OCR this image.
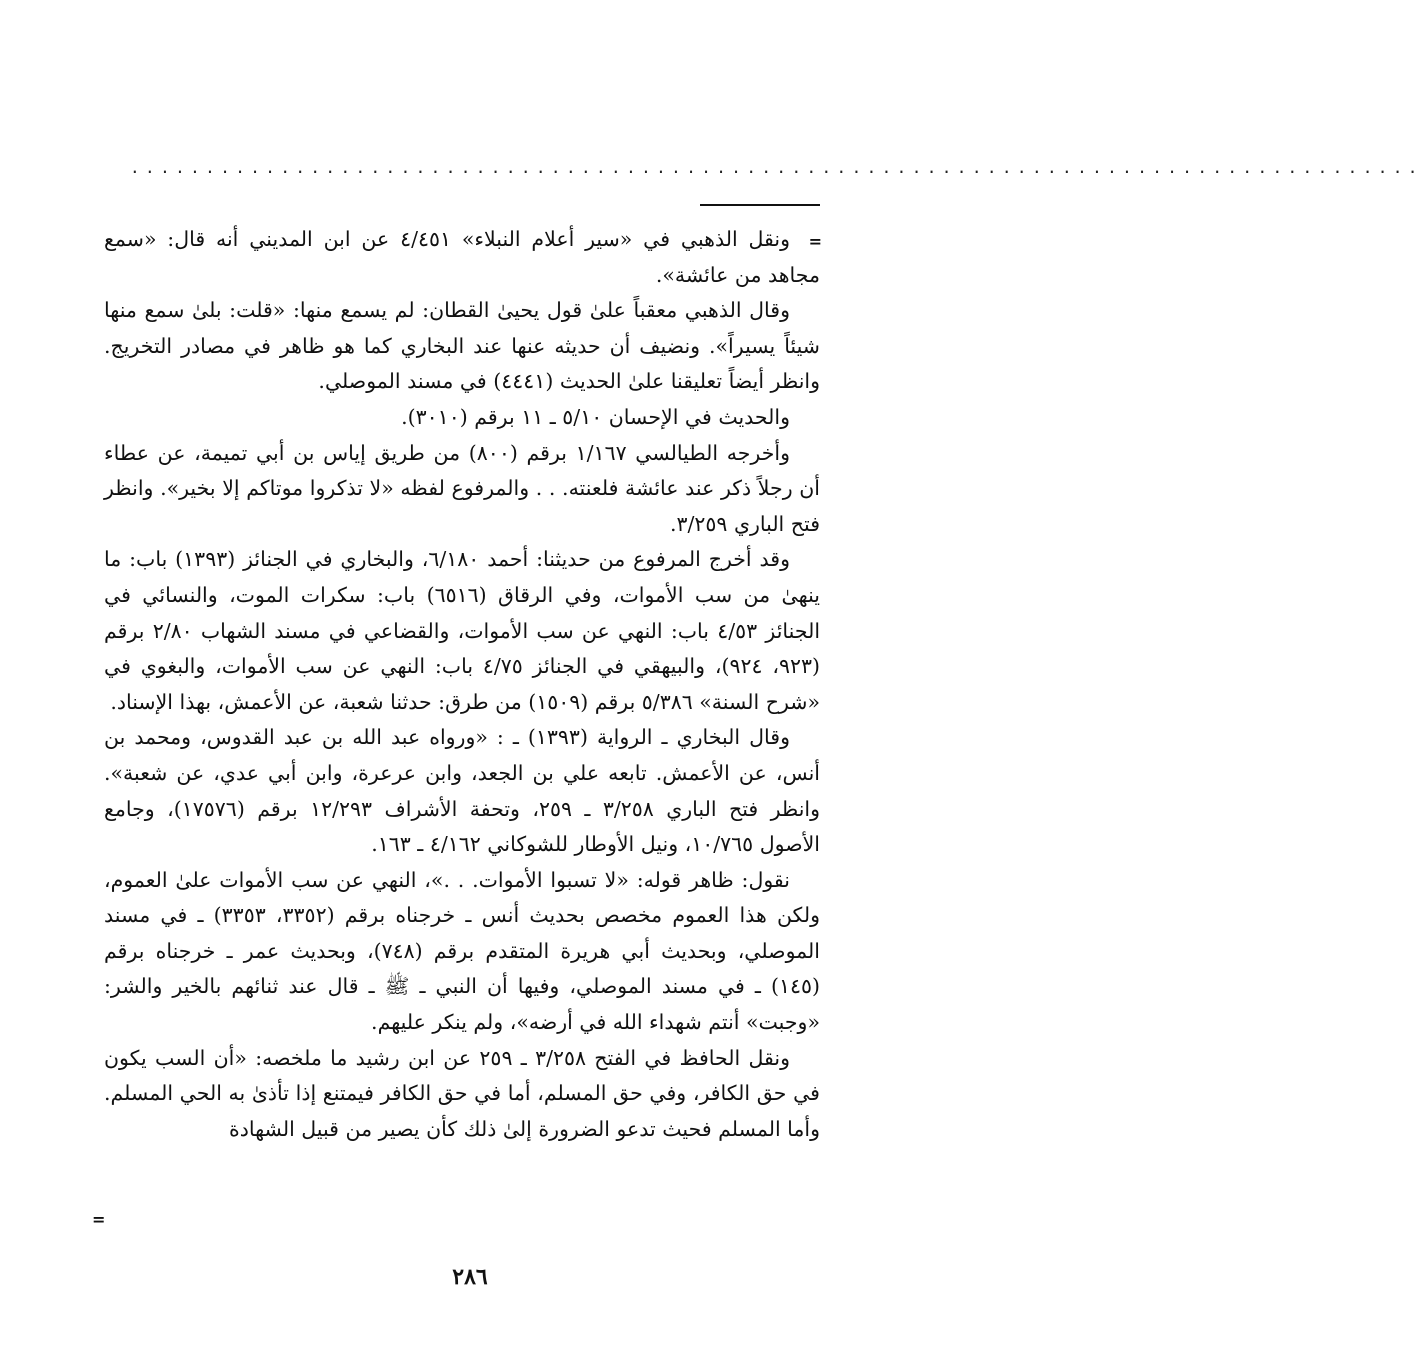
......................................................................................
=

ونقل الذهبي في «سير أعلام النبلاء» ٤/٤٥١ عن ابن المديني أنه قال: «سمع مجاهد من عائشة».

وقال الذهبي معقباً علىٰ قول يحيىٰ القطان: لم يسمع منها: «قلت: بلىٰ سمع منها شيئاً يسيراً». ونضيف أن حديثه عنها عند البخاري كما هو ظاهر في مصادر التخريج. وانظر أيضاً تعليقنا علىٰ الحديث (٤٤٤١) في مسند الموصلي.

والحديث في الإحسان ٥/١٠ ـ ١١ برقم (٣٠١٠).

وأخرجه الطيالسي ١/١٦٧ برقم (٨٠٠) من طريق إياس بن أبي تميمة، عن عطاء أن رجلاً ذكر عند عائشة فلعنته. . . والمرفوع لفظه «لا تذكروا موتاكم إلا بخير». وانظر فتح الباري ٣/٢٥٩.

وقد أخرج المرفوع من حديثنا: أحمد ٦/١٨٠، والبخاري في الجنائز (١٣٩٣) باب: ما ينهىٰ من سب الأموات، وفي الرقاق (٦٥١٦) باب: سكرات الموت، والنسائي في الجنائز ٤/٥٣ باب: النهي عن سب الأموات، والقضاعي في مسند الشهاب ٢/٨٠ برقم (٩٢٣، ٩٢٤)، والبيهقي في الجنائز ٤/٧٥ باب: النهي عن سب الأموات، والبغوي في «شرح السنة» ٥/٣٨٦ برقم (١٥٠٩) من طرق: حدثنا شعبة، عن الأعمش، بهذا الإسناد.

وقال البخاري ـ الرواية (١٣٩٣) ـ : «ورواه عبد الله بن عبد القدوس، ومحمد بن أنس، عن الأعمش. تابعه علي بن الجعد، وابن عرعرة، وابن أبي عدي، عن شعبة». وانظر فتح الباري ٣/٢٥٨ ـ ٢٥٩، وتحفة الأشراف ١٢/٢٩٣ برقم (١٧٥٧٦)، وجامع الأصول ١٠/٧٦٥، ونيل الأوطار للشوكاني ٤/١٦٢ ـ ١٦٣.

نقول: ظاهر قوله: «لا تسبوا الأموات. . .»، النهي عن سب الأموات علىٰ العموم، ولكن هذا العموم مخصص بحديث أنس ـ خرجناه برقم (٣٣٥٢، ٣٣٥٣) ـ في مسند الموصلي، وبحديث أبي هريرة المتقدم برقم (٧٤٨)، وبحديث عمر ـ خرجناه برقم (١٤٥) ـ في مسند الموصلي، وفيها أن النبي ـ ﷺ ـ قال عند ثنائهم بالخير والشر: «وجبت» أنتم شهداء الله في أرضه»، ولم ينكر عليهم.

ونقل الحافظ في الفتح ٣/٢٥٨ ـ ٢٥٩ عن ابن رشيد ما ملخصه: «أن السب يكون في حق الكافر، وفي حق المسلم، أما في حق الكافر فيمتنع إذا تأذىٰ به الحي المسلم. وأما المسلم فحيث تدعو الضرورة إلىٰ ذلك كأن يصير من قبيل الشهادة

=
٢٨٦
